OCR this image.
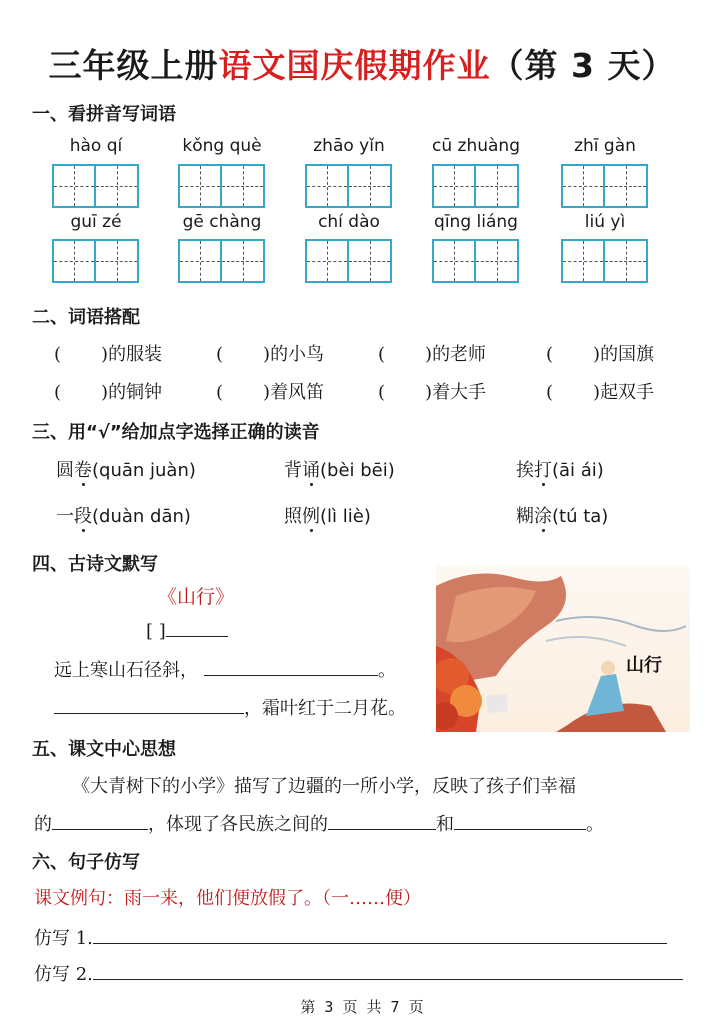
三年级上册语文国庆假期作业（第 3 天）
一、看拼音写词语
hào qí	kǒng què	zhāo yǐn	cū zhuàng	zhī gàn
guī zé	gē chàng	chí dào	qīng liáng	liú yì
二、词语搭配
( )的服装	( )的小鸟	( )的老师	( )的国旗
( )的铜钟	( )着风笛	( )着大手	( )起双手
三、用“√”给加点字选择正确的读音
圆卷(quān juàn)	背诵(bèi bēi)	挨打(āi ái)
一段(duàn dān)	照例(lì liè)	糊涂(tú ta)
四、古诗文默写
《山行》
[ ]
远上寒山石径斜，	。
，霜叶红于二月花。
山行
五、课文中心思想
《大青树下的小学》描写了边疆的一所小学，反映了孩子们幸福
的	，体现了各民族之间的	和	。
六、句子仿写
课文例句：雨一来，他们便放假了。（一……便）
仿写 1.
仿写 2.
第 3 页 共 7 页
